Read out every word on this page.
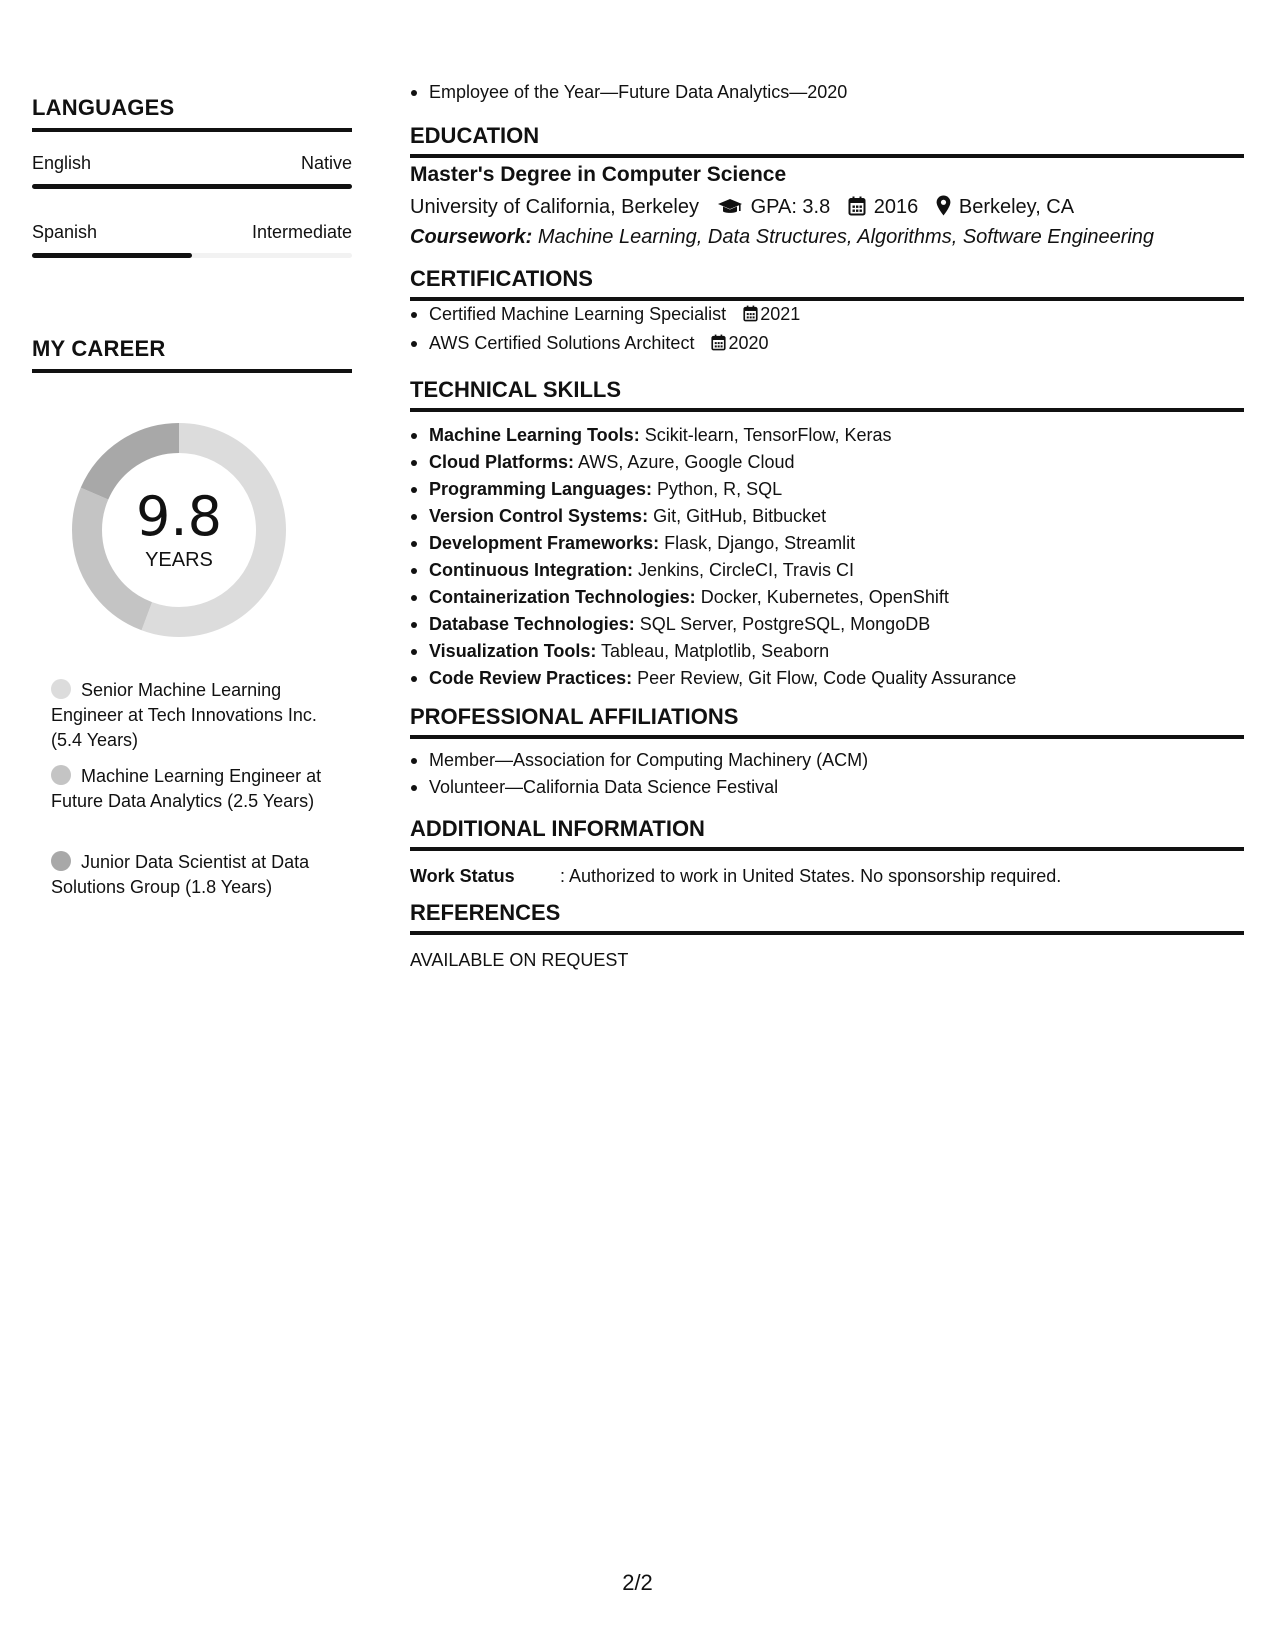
LANGUAGES
English	Native
Spanish	Intermediate
MY CAREER
9.8
YEARS
Senior Machine Learning Engineer at Tech Innovations Inc. (5.4 Years)
Machine Learning Engineer at Future Data Analytics (2.5 Years)
Junior Data Scientist at Data Solutions Group (1.8 Years)
Employee of the Year—Future Data Analytics—2020
EDUCATION
Master's Degree in Computer Science
University of California, Berkeley	GPA: 3.8 2016 Berkeley, CA
Coursework: Machine Learning, Data Structures, Algorithms, Software Engineering
CERTIFICATIONS
Certified Machine Learning Specialist 2021
AWS Certified Solutions Architect 2020
TECHNICAL SKILLS
Machine Learning Tools: Scikit-learn, TensorFlow, Keras
Cloud Platforms: AWS, Azure, Google Cloud
Programming Languages: Python, R, SQL
Version Control Systems: Git, GitHub, Bitbucket
Development Frameworks: Flask, Django, Streamlit
Continuous Integration: Jenkins, CircleCI, Travis CI
Containerization Technologies: Docker, Kubernetes, OpenShift
Database Technologies: SQL Server, PostgreSQL, MongoDB
Visualization Tools: Tableau, Matplotlib, Seaborn
Code Review Practices: Peer Review, Git Flow, Code Quality Assurance
PROFESSIONAL AFFILIATIONS
Member—Association for Computing Machinery (ACM)
Volunteer—California Data Science Festival
ADDITIONAL INFORMATION
Work Status	: Authorized to work in United States. No sponsorship required.
REFERENCES
AVAILABLE ON REQUEST
2/2
